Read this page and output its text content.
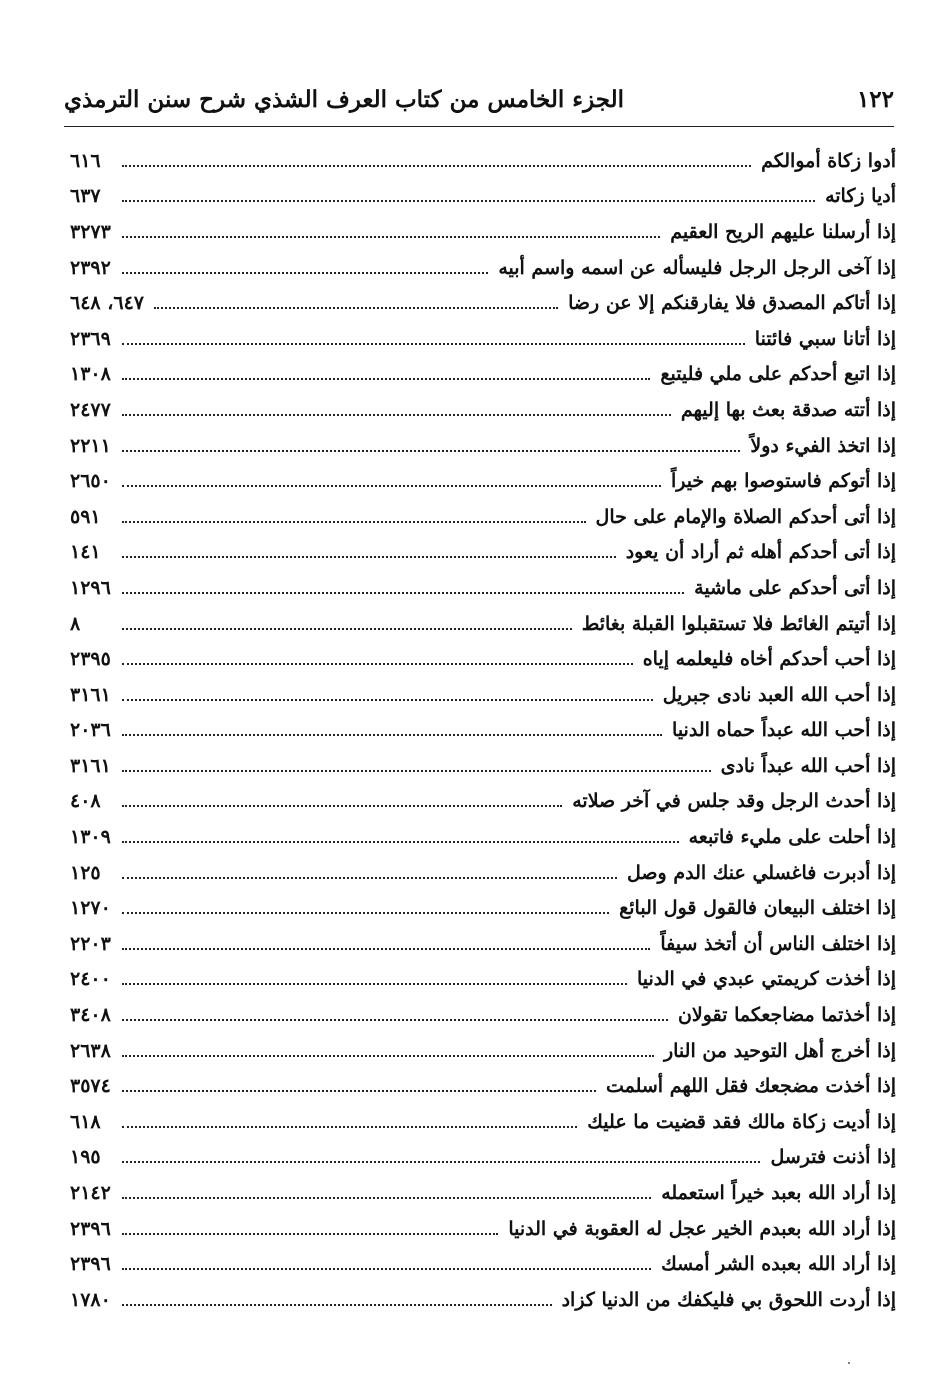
١٢٢
الجزء الخامس من كتاب العرف الشذي شرح سنن الترمذي
أدوا زكاة أموالكم
٦١٦
أديا زكاته
٦٣٧
إذا أرسلنا عليهم الريح العقيم
٣٢٧٣
إذا آخى الرجل الرجل فليسأله عن اسمه واسم أبيه
٢٣٩٢
إذا أتاكم المصدق فلا يفارقنكم إلا عن رضا
٦٤٧، ٦٤٨
إذا أتانا سبي فائتنا
٢٣٦٩
إذا اتبع أحدكم على ملي فليتبع
١٣٠٨
إذا أتته صدقة بعث بها إليهم
٢٤٧٧
إذا اتخذ الفيء دولاً
٢٢١١
إذا أتوكم فاستوصوا بهم خيراً
٢٦٥٠
إذا أتى أحدكم الصلاة والإمام على حال
٥٩١
إذا أتى أحدكم أهله ثم أراد أن يعود
١٤١
إذا أتى أحدكم على ماشية
١٢٩٦
إذا أتيتم الغائط فلا تستقبلوا القبلة بغائط
٨
إذا أحب أحدكم أخاه فليعلمه إياه
٢٣٩٥
إذا أحب الله العبد نادى جبريل
٣١٦١
إذا أحب الله عبداً حماه الدنيا
٢٠٣٦
إذا أحب الله عبداً نادى
٣١٦١
إذا أحدث الرجل وقد جلس في آخر صلاته
٤٠٨
إذا أحلت على مليء فاتبعه
١٣٠٩
إذا أدبرت فاغسلي عنك الدم وصل
١٢٥
إذا اختلف البيعان فالقول قول البائع
١٢٧٠
إذا اختلف الناس أن أتخذ سيفاً
٢٢٠٣
إذا أخذت كريمتي عبدي في الدنيا
٢٤٠٠
إذا أخذتما مضاجعكما تقولان
٣٤٠٨
إذا أخرج أهل التوحيد من النار
٢٦٣٨
إذا أخذت مضجعك فقل اللهم أسلمت
٣٥٧٤
إذا أديت زكاة مالك فقد قضيت ما عليك
٦١٨
إذا أذنت فترسل
١٩٥
إذا أراد الله بعبد خيراً استعمله
٢١٤٢
إذا أراد الله بعبدم الخير عجل له العقوبة في الدنيا
٢٣٩٦
إذا أراد الله بعبده الشر أمسك
٢٣٩٦
إذا أردت اللحوق بي فليكفك من الدنيا كزاد
١٧٨٠
